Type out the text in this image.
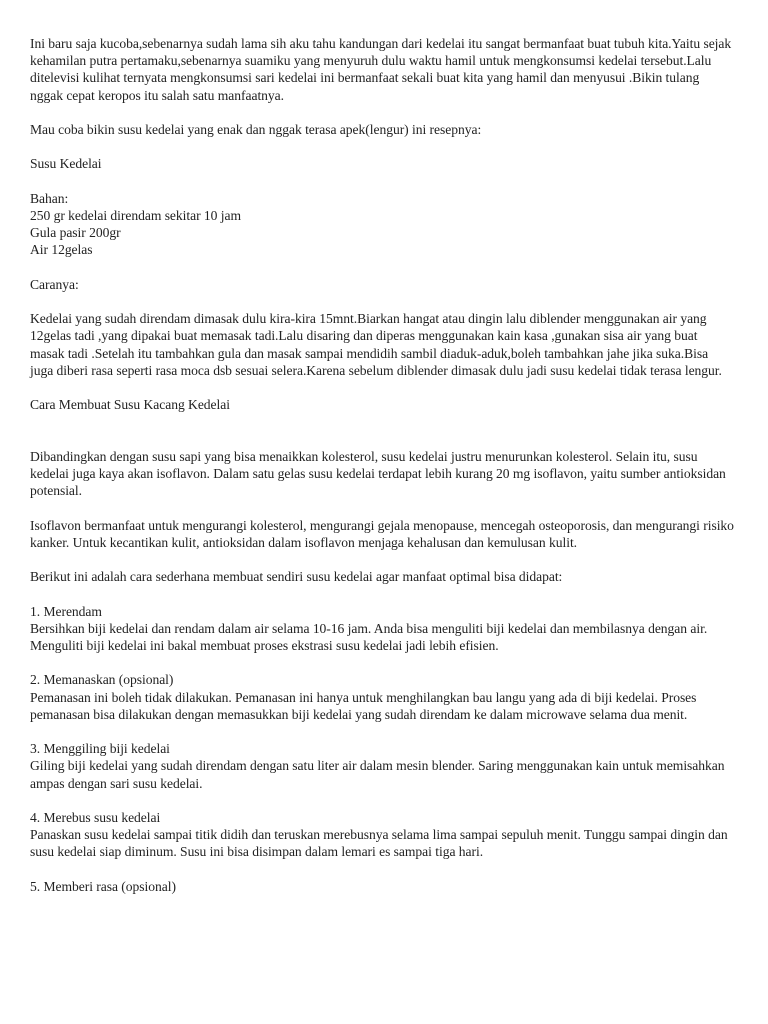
Ini baru saja kucoba,sebenarnya sudah lama sih aku tahu kandungan dari kedelai itu sangat bermanfaat buat tubuh kita.Yaitu sejak kehamilan putra pertamaku,sebenarnya suamiku yang menyuruh dulu waktu hamil untuk mengkonsumsi kedelai tersebut.Lalu ditelevisi kulihat ternyata mengkonsumsi sari kedelai ini bermanfaat sekali buat kita yang hamil dan menyusui .Bikin tulang nggak cepat keropos itu salah satu manfaatnya.

Mau coba bikin susu kedelai yang enak dan nggak terasa apek(lengur) ini resepnya:

Susu Kedelai

Bahan:
250 gr kedelai direndam sekitar 10 jam
Gula pasir 200gr
Air 12gelas

Caranya:

Kedelai yang sudah direndam dimasak dulu kira-kira 15mnt.Biarkan hangat atau dingin lalu diblender menggunakan air yang 12gelas tadi ,yang dipakai buat memasak tadi.Lalu disaring dan diperas menggunakan kain kasa ,gunakan sisa air yang buat masak tadi .Setelah itu tambahkan gula dan masak sampai mendidih sambil diaduk-aduk,boleh tambahkan jahe jika suka.Bisa juga diberi rasa seperti rasa moca dsb sesuai selera.Karena sebelum diblender dimasak dulu jadi susu kedelai tidak terasa lengur.

Cara Membuat Susu Kacang Kedelai

Dibandingkan dengan susu sapi yang bisa menaikkan kolesterol, susu kedelai justru menurunkan kolesterol. Selain itu, susu kedelai juga kaya akan isoflavon. Dalam satu gelas susu kedelai terdapat lebih kurang 20 mg isoflavon, yaitu sumber antioksidan potensial.

Isoflavon bermanfaat untuk mengurangi kolesterol, mengurangi gejala menopause, mencegah osteoporosis, dan mengurangi risiko kanker. Untuk kecantikan kulit, antioksidan dalam isoflavon menjaga kehalusan dan kemulusan kulit.

Berikut ini adalah cara sederhana membuat sendiri susu kedelai agar manfaat optimal bisa didapat:

1. Merendam
Bersihkan biji kedelai dan rendam dalam air selama 10-16 jam. Anda bisa menguliti biji kedelai dan membilasnya dengan air. Menguliti biji kedelai ini bakal membuat proses ekstrasi susu kedelai jadi lebih efisien.

2. Memanaskan (opsional)
Pemanasan ini boleh tidak dilakukan. Pemanasan ini hanya untuk menghilangkan bau langu yang ada di biji kedelai. Proses pemanasan bisa dilakukan dengan memasukkan biji kedelai yang sudah direndam ke dalam microwave selama dua menit.

3. Menggiling biji kedelai
Giling biji kedelai yang sudah direndam dengan satu liter air dalam mesin blender. Saring menggunakan kain untuk memisahkan ampas dengan sari susu kedelai.

4. Merebus susu kedelai
Panaskan susu kedelai sampai titik didih dan teruskan merebusnya selama lima sampai sepuluh menit. Tunggu sampai dingin dan susu kedelai siap diminum. Susu ini bisa disimpan dalam lemari es sampai tiga hari.

5. Memberi rasa (opsional)
